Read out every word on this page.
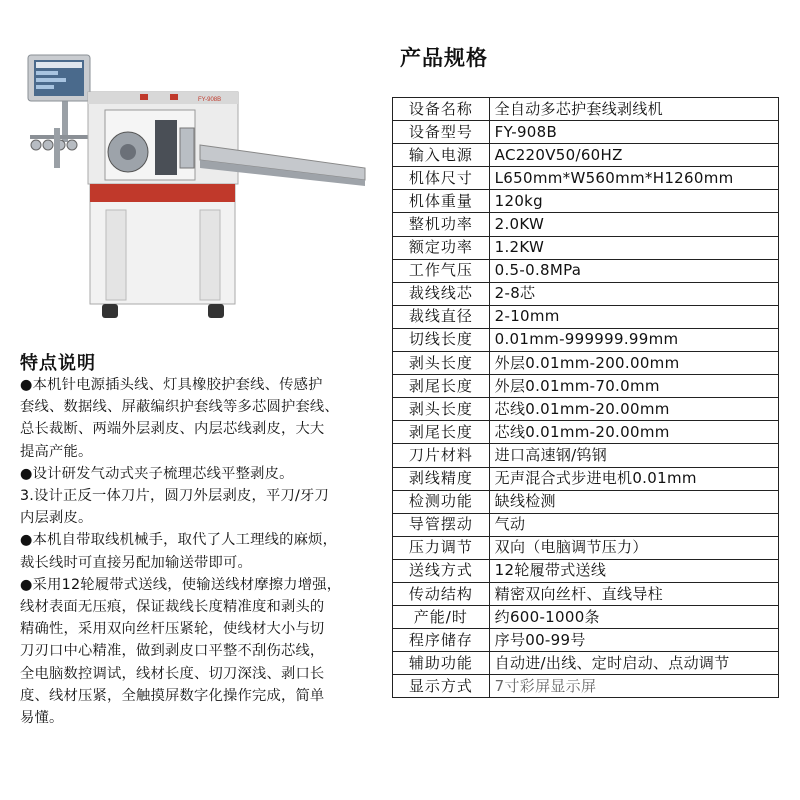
FY-908B
产品规格
设备名称	全自动多芯护套线剥线机
设备型号	FY-908B
输入电源	AC220V50/60HZ
机体尺寸	L650mm*W560mm*H1260mm
机体重量	120kg
整机功率	2.0KW
额定功率	1.2KW
工作气压	0.5-0.8MPa
裁线线芯	2-8芯
裁线直径	2-10mm
切线长度	0.01mm-999999.99mm
剥头长度	外层0.01mm-200.00mm
剥尾长度	外层0.01mm-70.0mm
剥头长度	芯线0.01mm-20.00mm
剥尾长度	芯线0.01mm-20.00mm
刀片材料	进口高速钢/钨钢
剥线精度	无声混合式步进电机0.01mm
检测功能	缺线检测
导管摆动	气动
压力调节	双向（电脑调节压力）
送线方式	12轮履带式送线
传动结构	精密双向丝杆、直线导柱
产能/时	约600-1000条
程序储存	序号00-99号
辅助功能	自动进/出线、定时启动、点动调节
显示方式	7寸彩屏显示屏
特点说明

●本机针电源插头线、灯具橡胶护套线、传感护

套线、数据线、屏蔽编织护套线等多芯圆护套线、

总长裁断、两端外层剥皮、内层芯线剥皮，大大

提高产能。

●设计研发气动式夹子梳理芯线平整剥皮。

3.设计正反一体刀片，圆刀外层剥皮，平刀/牙刀

内层剥皮。

●本机自带取线机械手，取代了人工理线的麻烦，

裁长线时可直接另配加输送带即可。

●采用12轮履带式送线，使输送线材摩擦力增强，

线材表面无压痕，保证裁线长度精准度和剥头的

精确性，采用双向丝杆压紧轮，使线材大小与切

刀刃口中心精准，做到剥皮口平整不刮伤芯线，

全电脑数控调试，线材长度、切刀深浅、剥口长

度、线材压紧，全触摸屏数字化操作完成，简单

易懂。
